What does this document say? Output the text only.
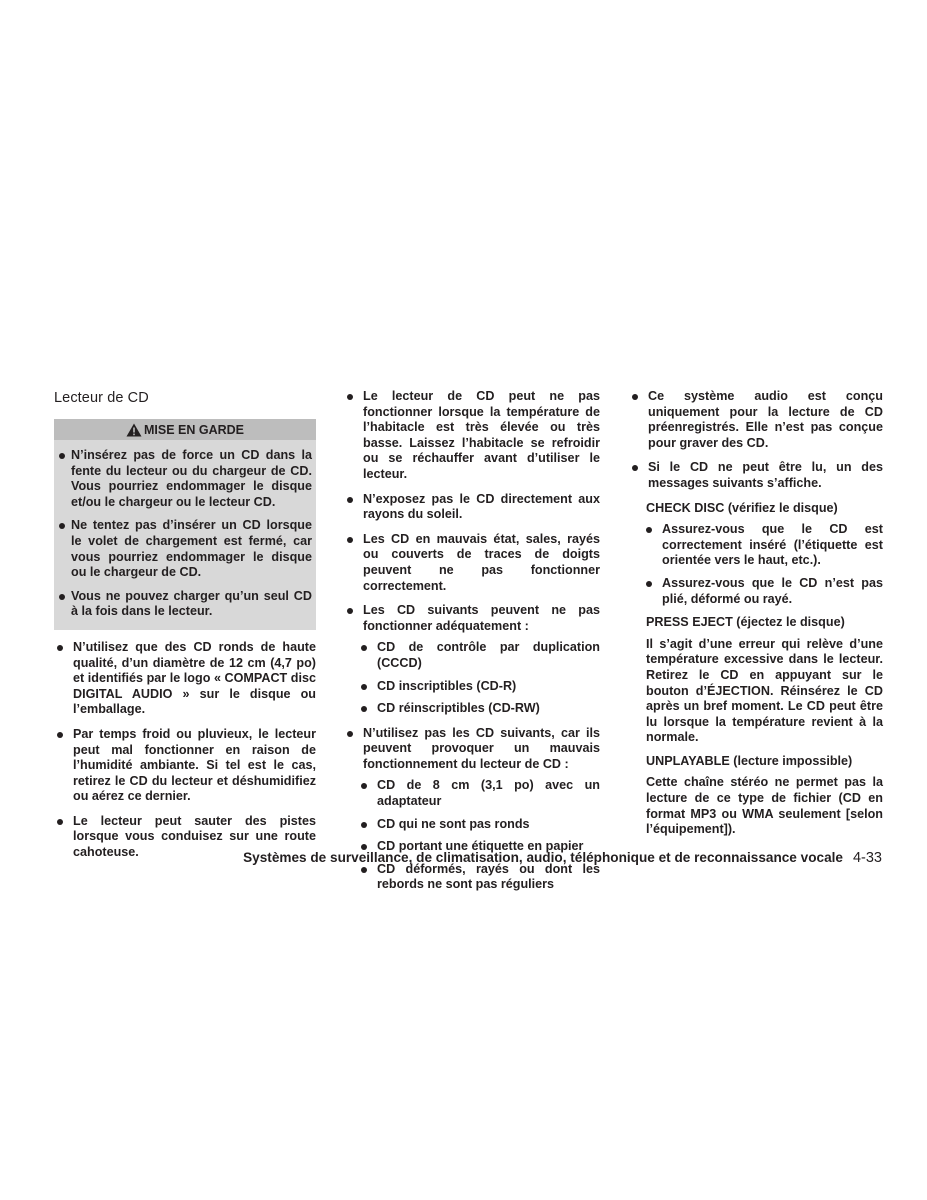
Lecteur de CD
MISE EN GARDE
N’insérez pas de force un CD dans la fente du lecteur ou du chargeur de CD. Vous pourriez endommager le disque et/ou le chargeur ou le lecteur CD.
Ne tentez pas d’insérer un CD lorsque le volet de chargement est fermé, car vous pourriez endommager le disque ou le chargeur de CD.
Vous ne pouvez charger qu’un seul CD à la fois dans le lecteur.
N’utilisez que des CD ronds de haute qualité, d’un diamètre de 12 cm (4,7 po) et identifiés par le logo « COMPACT disc DIGITAL AUDIO » sur le disque ou l’emballage.
Par temps froid ou pluvieux, le lecteur peut mal fonctionner en raison de l’humidité ambiante. Si tel est le cas, retirez le CD du lecteur et déshumidifiez ou aérez ce dernier.
Le lecteur peut sauter des pistes lorsque vous conduisez sur une route cahoteuse.
Le lecteur de CD peut ne pas fonctionner lorsque la température de l’habitacle est très élevée ou très basse. Laissez l’habitacle se refroidir ou se réchauffer avant d’utiliser le lecteur.
N’exposez pas le CD directement aux rayons du soleil.
Les CD en mauvais état, sales, rayés ou couverts de traces de doigts peuvent ne pas fonctionner correctement.
Les CD suivants peuvent ne pas fonctionner adéquatement :
CD de contrôle par duplication (CCCD)
CD inscriptibles (CD-R)
CD réinscriptibles (CD-RW)
N’utilisez pas les CD suivants, car ils peuvent provoquer un mauvais fonctionnement du lecteur de CD :
CD de 8 cm (3,1 po) avec un adaptateur
CD qui ne sont pas ronds
CD portant une étiquette en papier
CD déformés, rayés ou dont les rebords ne sont pas réguliers
Ce système audio est conçu uniquement pour la lecture de CD préenregistrés. Elle n’est pas conçue pour graver des CD.
Si le CD ne peut être lu, un des messages suivants s’affiche.
CHECK DISC (vérifiez le disque)
Assurez-vous que le CD est correctement inséré (l’étiquette est orientée vers le haut, etc.).
Assurez-vous que le CD n’est pas plié, déformé ou rayé.
PRESS EJECT (éjectez le disque)
Il s’agit d’une erreur qui relève d’une température excessive dans le lecteur. Retirez le CD en appuyant sur le bouton d’ÉJECTION. Réinsérez le CD après un bref moment. Le CD peut être lu lorsque la température revient à la normale.
UNPLAYABLE (lecture impossible)
Cette chaîne stéréo ne permet pas la lecture de ce type de fichier (CD en format MP3 ou WMA seulement [selon l’équipement]).
Systèmes de surveillance, de climatisation, audio, téléphonique et de reconnaissance vocale 4-33
